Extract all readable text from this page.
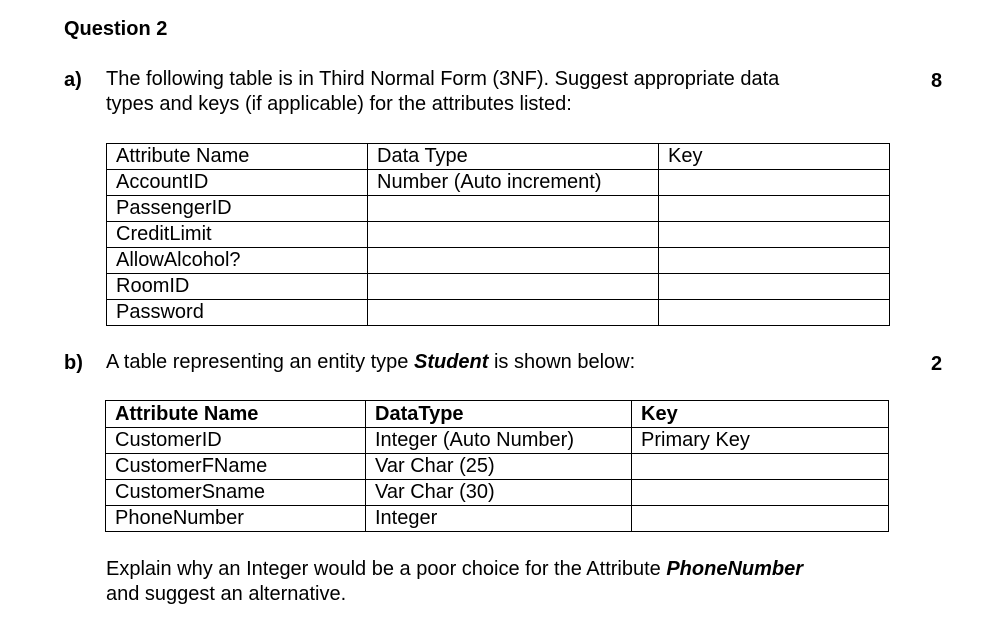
Question 2
a) The following table is in Third Normal Form (3NF). Suggest appropriate data
types and keys (if applicable) for the attributes listed:
8
Attribute Name	Data Type	Key
AccountID	Number (Auto increment)	
PassengerID		
CreditLimit		
AllowAlcohol?		
RoomID		
Password		
b) A table representing an entity type Student is shown below:	2
Attribute Name	DataType	Key
CustomerID	Integer (Auto Number)	Primary Key
CustomerFName	Var Char (25)	
CustomerSname	Var Char (30)	
PhoneNumber	Integer	
Explain why an Integer would be a poor choice for the Attribute PhoneNumber
and suggest an alternative.
